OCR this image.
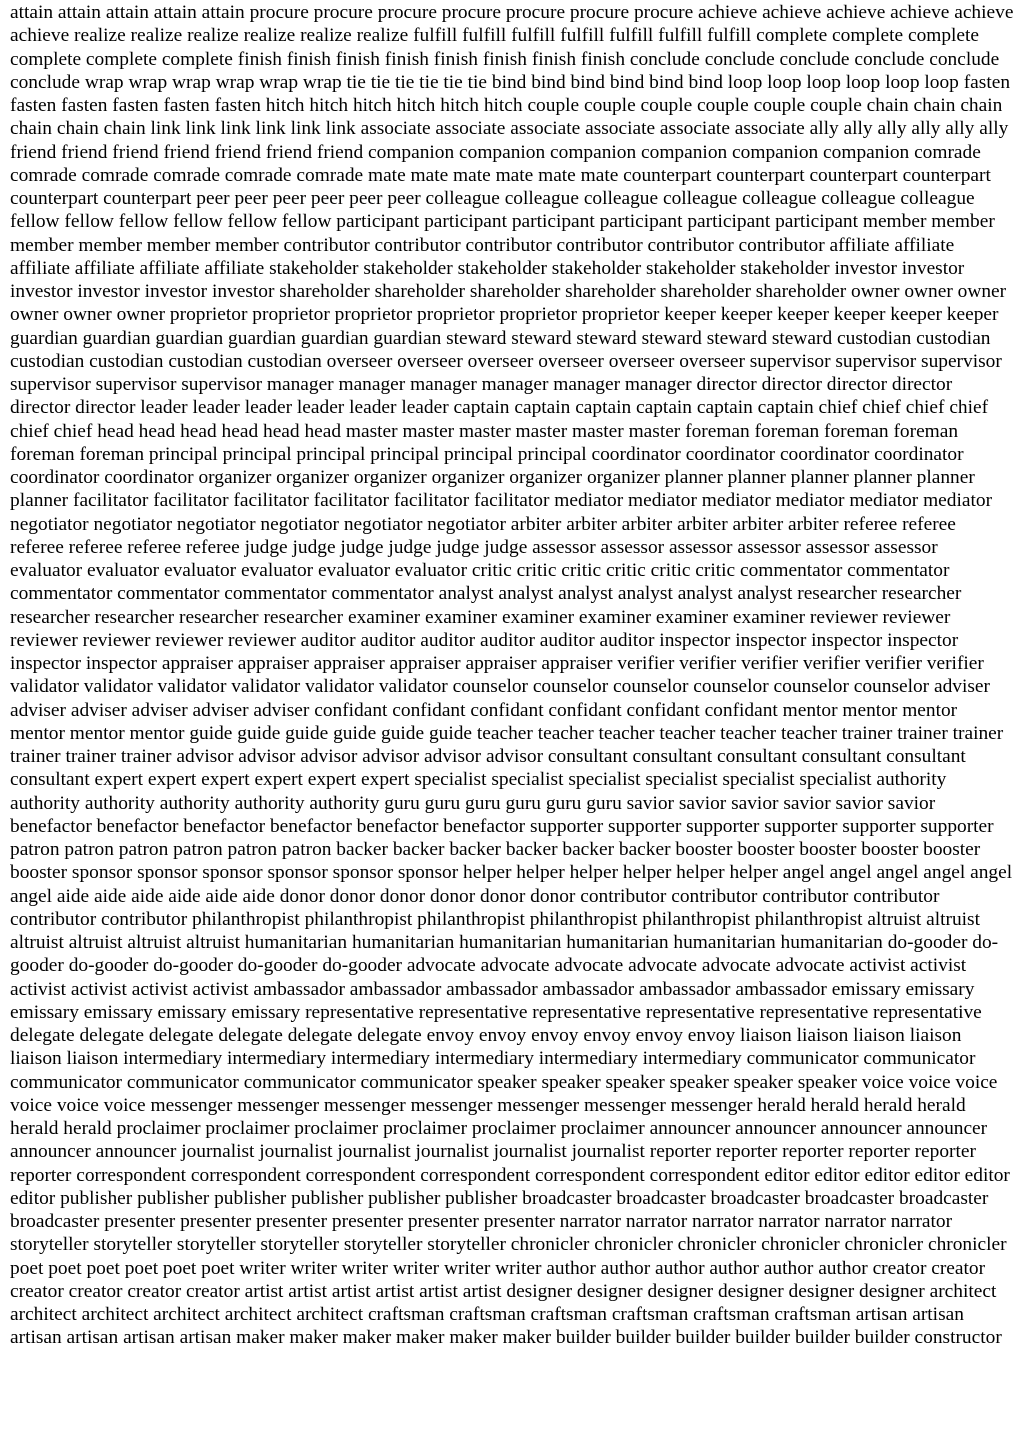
attain attain attain attain attain procure procure procure procure procure procure procure achieve achieve achieve achieve achieve achieve realize realize realize realize realize realize fulfill fulfill fulfill fulfill fulfill fulfill fulfill complete complete complete complete complete complete finish finish finish finish finish finish finish finish conclude conclude conclude conclude conclude conclude wrap wrap wrap wrap wrap wrap tie tie tie tie tie tie bind bind bind bind bind bind loop loop loop loop loop loop fasten fasten fasten fasten fasten fasten hitch hitch hitch hitch hitch hitch couple couple couple couple couple couple chain chain chain chain chain chain link link link link link link associate associate associate associate associate associate ally ally ally ally ally ally friend friend friend friend friend friend friend companion companion companion companion companion companion comrade comrade comrade comrade comrade comrade mate mate mate mate mate mate counterpart counterpart counterpart counterpart counterpart counterpart peer peer peer peer peer peer colleague colleague colleague colleague colleague colleague colleague fellow fellow fellow fellow fellow fellow participant participant participant participant participant participant member member member member member member contributor contributor contributor contributor contributor contributor affiliate affiliate affiliate affiliate affiliate affiliate stakeholder stakeholder stakeholder stakeholder stakeholder stakeholder investor investor investor investor investor investor shareholder shareholder shareholder shareholder shareholder shareholder owner owner owner owner owner owner proprietor proprietor proprietor proprietor proprietor proprietor keeper keeper keeper keeper keeper keeper guardian guardian guardian guardian guardian guardian steward steward steward steward steward steward custodian custodian custodian custodian custodian custodian overseer overseer overseer overseer overseer overseer supervisor supervisor supervisor supervisor supervisor supervisor manager manager manager manager manager manager director director director director director director leader leader leader leader leader leader captain captain captain captain captain captain chief chief chief chief chief chief head head head head head head master master master master master master foreman foreman foreman foreman foreman foreman principal principal principal principal principal principal coordinator coordinator coordinator coordinator coordinator coordinator organizer organizer organizer organizer organizer organizer planner planner planner planner planner planner facilitator facilitator facilitator facilitator facilitator facilitator mediator mediator mediator mediator mediator mediator negotiator negotiator negotiator negotiator negotiator negotiator arbiter arbiter arbiter arbiter arbiter arbiter referee referee referee referee referee referee judge judge judge judge judge judge assessor assessor assessor assessor assessor assessor evaluator evaluator evaluator evaluator evaluator evaluator critic critic critic critic critic critic commentator commentator commentator commentator commentator commentator analyst analyst analyst analyst analyst analyst researcher researcher researcher researcher researcher researcher examiner examiner examiner examiner examiner examiner reviewer reviewer reviewer reviewer reviewer reviewer auditor auditor auditor auditor auditor auditor inspector inspector inspector inspector inspector inspector appraiser appraiser appraiser appraiser appraiser appraiser verifier verifier verifier verifier verifier verifier validator validator validator validator validator validator counselor counselor counselor counselor counselor counselor adviser adviser adviser adviser adviser adviser confidant confidant confidant confidant confidant confidant mentor mentor mentor mentor mentor mentor guide guide guide guide guide guide teacher teacher teacher teacher teacher teacher trainer trainer trainer trainer trainer trainer advisor advisor advisor advisor advisor advisor consultant consultant consultant consultant consultant consultant expert expert expert expert expert expert specialist specialist specialist specialist specialist specialist authority authority authority authority authority authority guru guru guru guru guru guru savior savior savior savior savior savior benefactor benefactor benefactor benefactor benefactor benefactor supporter supporter supporter supporter supporter supporter patron patron patron patron patron patron backer backer backer backer backer backer booster booster booster booster booster booster sponsor sponsor sponsor sponsor sponsor sponsor helper helper helper helper helper helper angel angel angel angel angel angel aide aide aide aide aide aide donor donor donor donor donor donor contributor contributor contributor contributor contributor contributor philanthropist philanthropist philanthropist philanthropist philanthropist philanthropist altruist altruist altruist altruist altruist altruist humanitarian humanitarian humanitarian humanitarian humanitarian humanitarian do-gooder do-gooder do-gooder do-gooder do-gooder do-gooder advocate advocate advocate advocate advocate advocate activist activist activist activist activist activist ambassador ambassador ambassador ambassador ambassador ambassador emissary emissary emissary emissary emissary emissary representative representative representative representative representative representative delegate delegate delegate delegate delegate delegate envoy envoy envoy envoy envoy envoy liaison liaison liaison liaison liaison liaison intermediary intermediary intermediary intermediary intermediary intermediary communicator communicator communicator communicator communicator communicator speaker speaker speaker speaker speaker speaker voice voice voice voice voice voice messenger messenger messenger messenger messenger messenger messenger herald herald herald herald herald herald proclaimer proclaimer proclaimer proclaimer proclaimer proclaimer announcer announcer announcer announcer announcer announcer journalist journalist journalist journalist journalist journalist reporter reporter reporter reporter reporter reporter correspondent correspondent correspondent correspondent correspondent correspondent editor editor editor editor editor editor publisher publisher publisher publisher publisher publisher broadcaster broadcaster broadcaster broadcaster broadcaster broadcaster presenter presenter presenter presenter presenter presenter narrator narrator narrator narrator narrator narrator storyteller storyteller storyteller storyteller storyteller storyteller chronicler chronicler chronicler chronicler chronicler chronicler poet poet poet poet poet poet writer writer writer writer writer writer author author author author author author creator creator creator creator creator creator artist artist artist artist artist artist designer designer designer designer designer designer architect architect architect architect architect architect craftsman craftsman craftsman craftsman craftsman craftsman artisan artisan artisan artisan artisan artisan maker maker maker maker maker maker builder builder builder builder builder builder constructor
